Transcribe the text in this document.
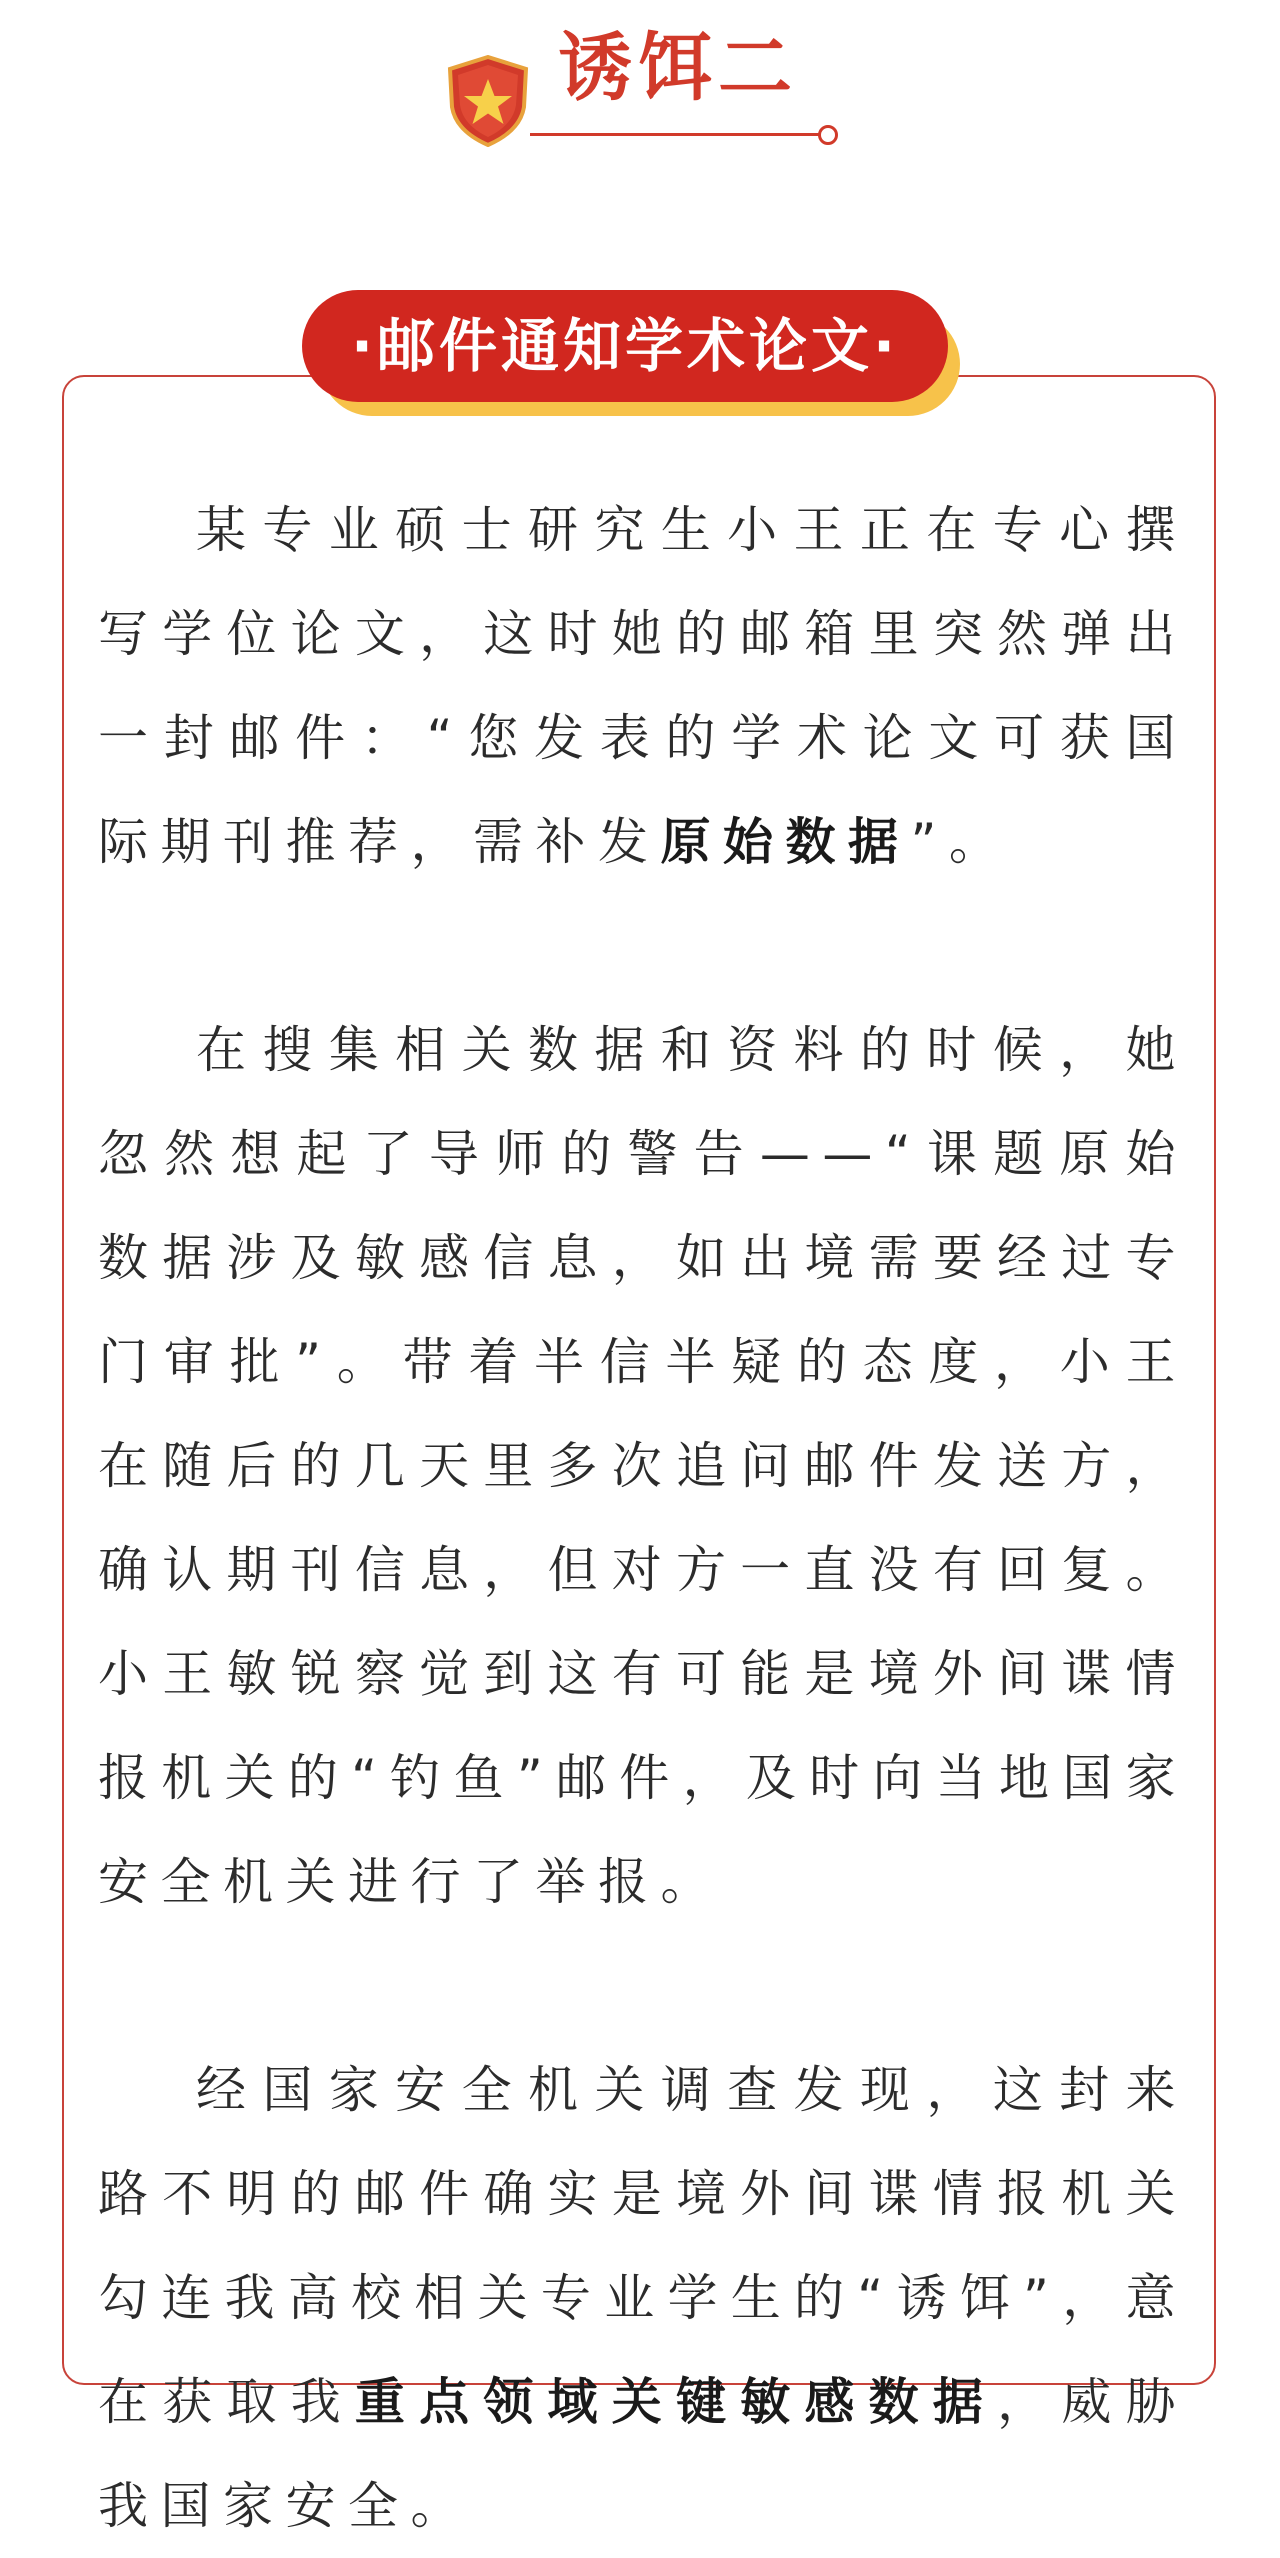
诱饵二
·邮件通知学术论文·

某专业硕士研究生小王正在专心撰写学位论文，这时她的邮箱里突然弹出一封邮件：“您发表的学术论文可获国际期刊推荐，需补发原始数据”。

在搜集相关数据和资料的时候，她忽然想起了导师的警告——“课题原始数据涉及敏感信息，如出境需要经过专门审批”。带着半信半疑的态度，小王在随后的几天里多次追问邮件发送方，确认期刊信息，但对方一直没有回复。小王敏锐察觉到这有可能是境外间谍情报机关的“钓鱼”邮件，及时向当地国家安全机关进行了举报。

经国家安全机关调查发现，这封来路不明的邮件确实是境外间谍情报机关勾连我高校相关专业学生的“诱饵”，意在获取我重点领域关键敏感数据，威胁我国家安全。
